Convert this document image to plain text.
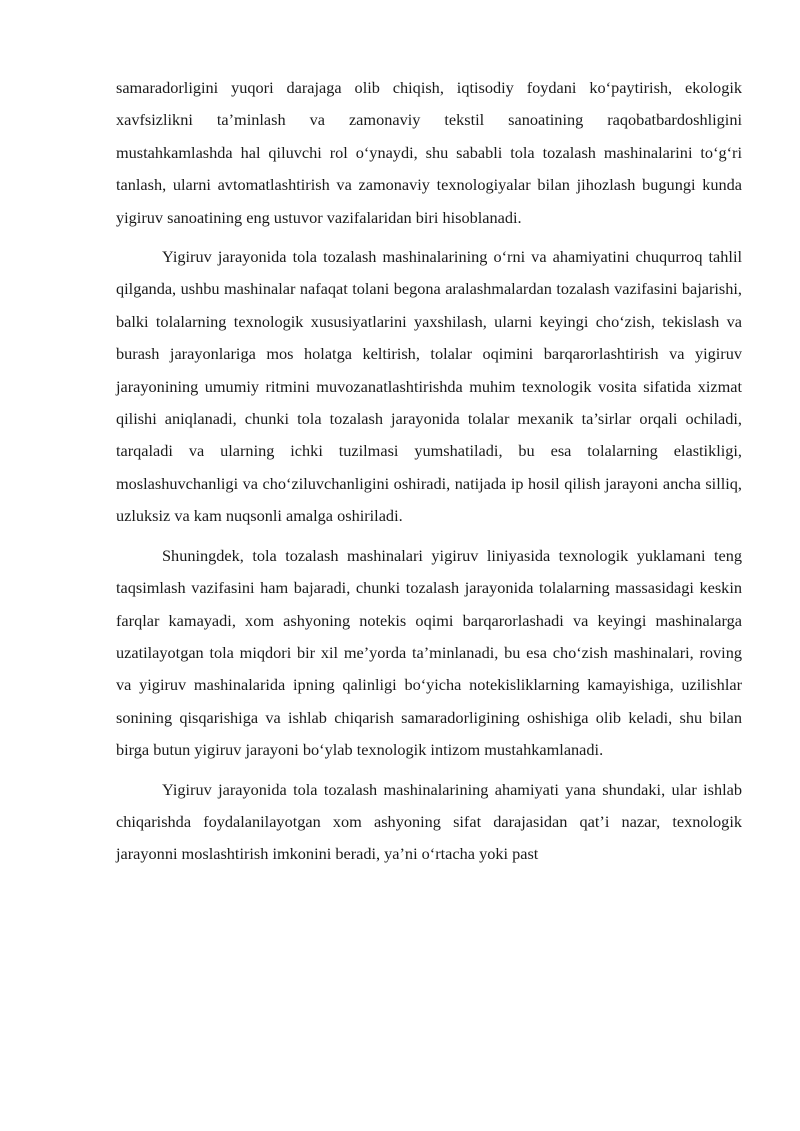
samaradorligini yuqori darajaga olib chiqish, iqtisodiy foydani ko‘paytirish, ekologik xavfsizlikni ta’minlash va zamonaviy tekstil sanoatining raqobatbardoshligini mustahkamlashda hal qiluvchi rol o‘ynaydi, shu sababli tola tozalash mashinalarini to‘g‘ri tanlash, ularni avtomatlashtirish va zamonaviy texnologiyalar bilan jihozlash bugungi kunda yigiruv sanoatining eng ustuvor vazifalaridan biri hisoblanadi.

Yigiruv jarayonida tola tozalash mashinalarining o‘rni va ahamiyatini chuqurroq tahlil qilganda, ushbu mashinalar nafaqat tolani begona aralashmalardan tozalash vazifasini bajarishi, balki tolalarning texnologik xususiyatlarini yaxshilash, ularni keyingi cho‘zish, tekislash va burash jarayonlariga mos holatga keltirish, tolalar oqimini barqarorlashtirish va yigiruv jarayonining umumiy ritmini muvozanatlashtirishda muhim texnologik vosita sifatida xizmat qilishi aniqlanadi, chunki tola tozalash jarayonida tolalar mexanik ta’sirlar orqali ochiladi, tarqaladi va ularning ichki tuzilmasi yumshatiladi, bu esa tolalarning elastikligi, moslashuvchanligi va cho‘ziluvchanligini oshiradi, natijada ip hosil qilish jarayoni ancha silliq, uzluksiz va kam nuqsonli amalga oshiriladi.

Shuningdek, tola tozalash mashinalari yigiruv liniyasida texnologik yuklamani teng taqsimlash vazifasini ham bajaradi, chunki tozalash jarayonida tolalarning massasidagi keskin farqlar kamayadi, xom ashyoning notekis oqimi barqarorlashadi va keyingi mashinalarga uzatilayotgan tola miqdori bir xil me’yorda ta’minlanadi, bu esa cho‘zish mashinalari, roving va yigiruv mashinalarida ipning qalinligi bo‘yicha notekisliklarning kamayishiga, uzilishlar sonining qisqarishiga va ishlab chiqarish samaradorligining oshishiga olib keladi, shu bilan birga butun yigiruv jarayoni bo‘ylab texnologik intizom mustahkamlanadi.

Yigiruv jarayonida tola tozalash mashinalarining ahamiyati yana shundaki, ular ishlab chiqarishda foydalanilayotgan xom ashyoning sifat darajasidan qat’i nazar, texnologik jarayonni moslashtirish imkonini beradi, ya’ni o‘rtacha yoki past
